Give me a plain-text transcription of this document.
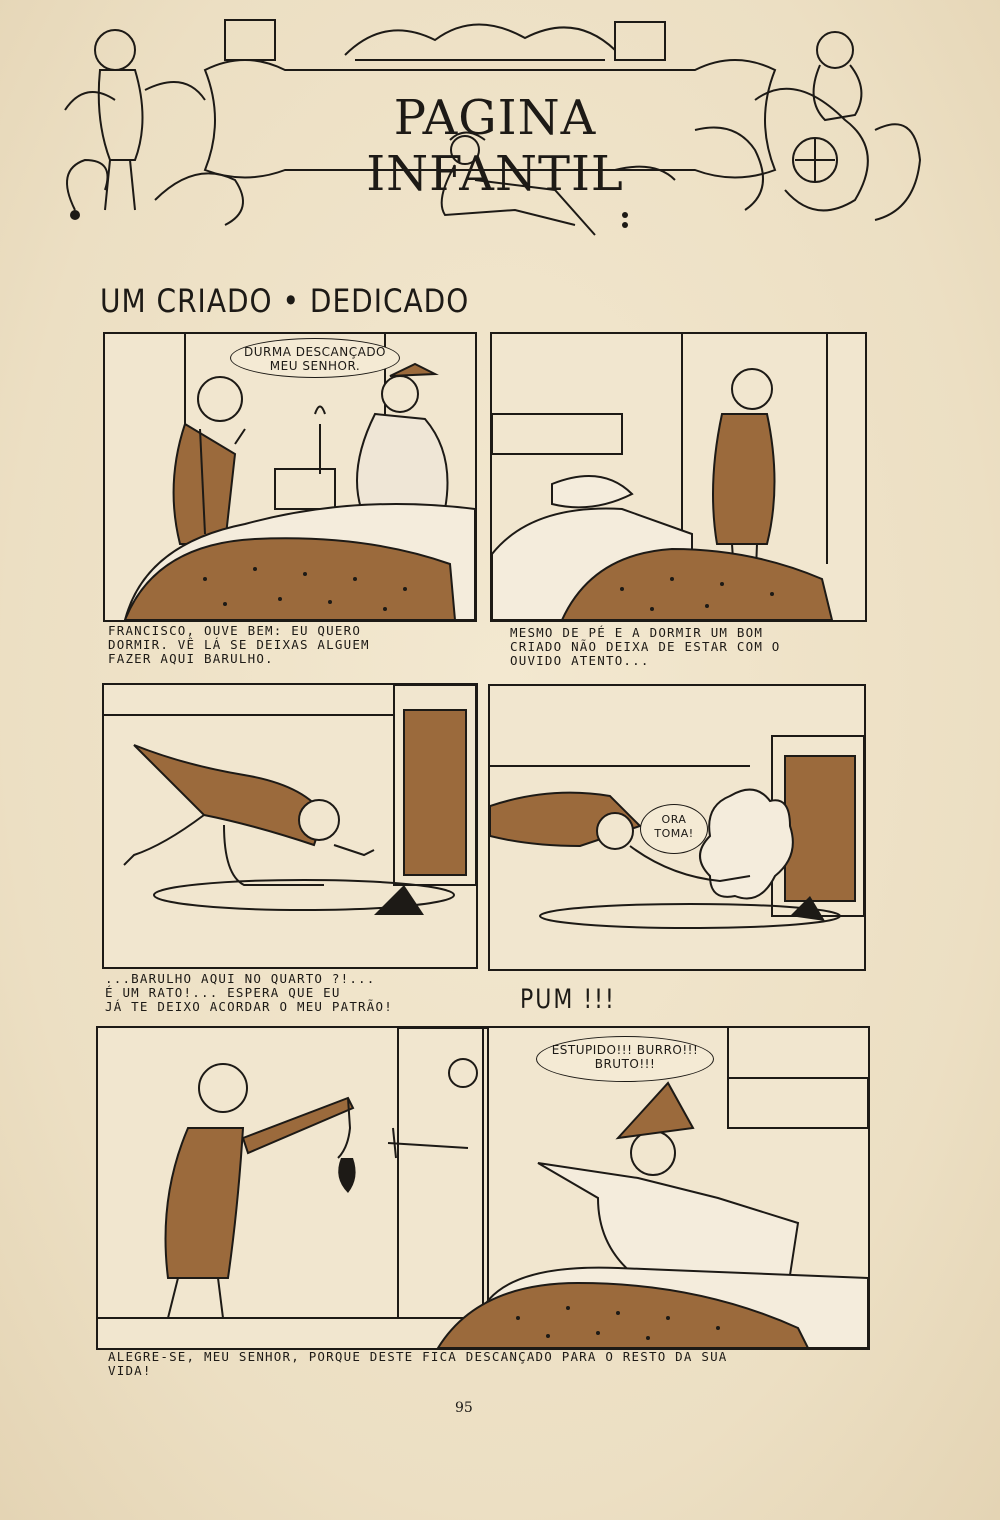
PAGINA INFANTIL
UM CRIADO • DEDICADO
DURMA DESCANÇADO MEU SENHOR.
FRANCISCO, OUVE BEM: EU QUERO
DORMIR. VÊ LÁ SE DEIXAS ALGUEM
FAZER AQUI BARULHO.
MESMO DE PÉ E A DORMIR UM BOM
CRIADO NÃO DEIXA DE ESTAR COM O
OUVIDO ATENTO...
...BARULHO AQUI NO QUARTO ?!...
É UM RATO!... ESPERA QUE EU
JÁ TE DEIXO ACORDAR O MEU PATRÃO!
ORA TOMA!
PUM !!!
ESTUPIDO!!! BURRO!!! BRUTO!!!
ALEGRE-SE, MEU SENHOR, PORQUE DESTE FICA DESCANÇADO PARA O RESTO DA SUA
VIDA!
95
